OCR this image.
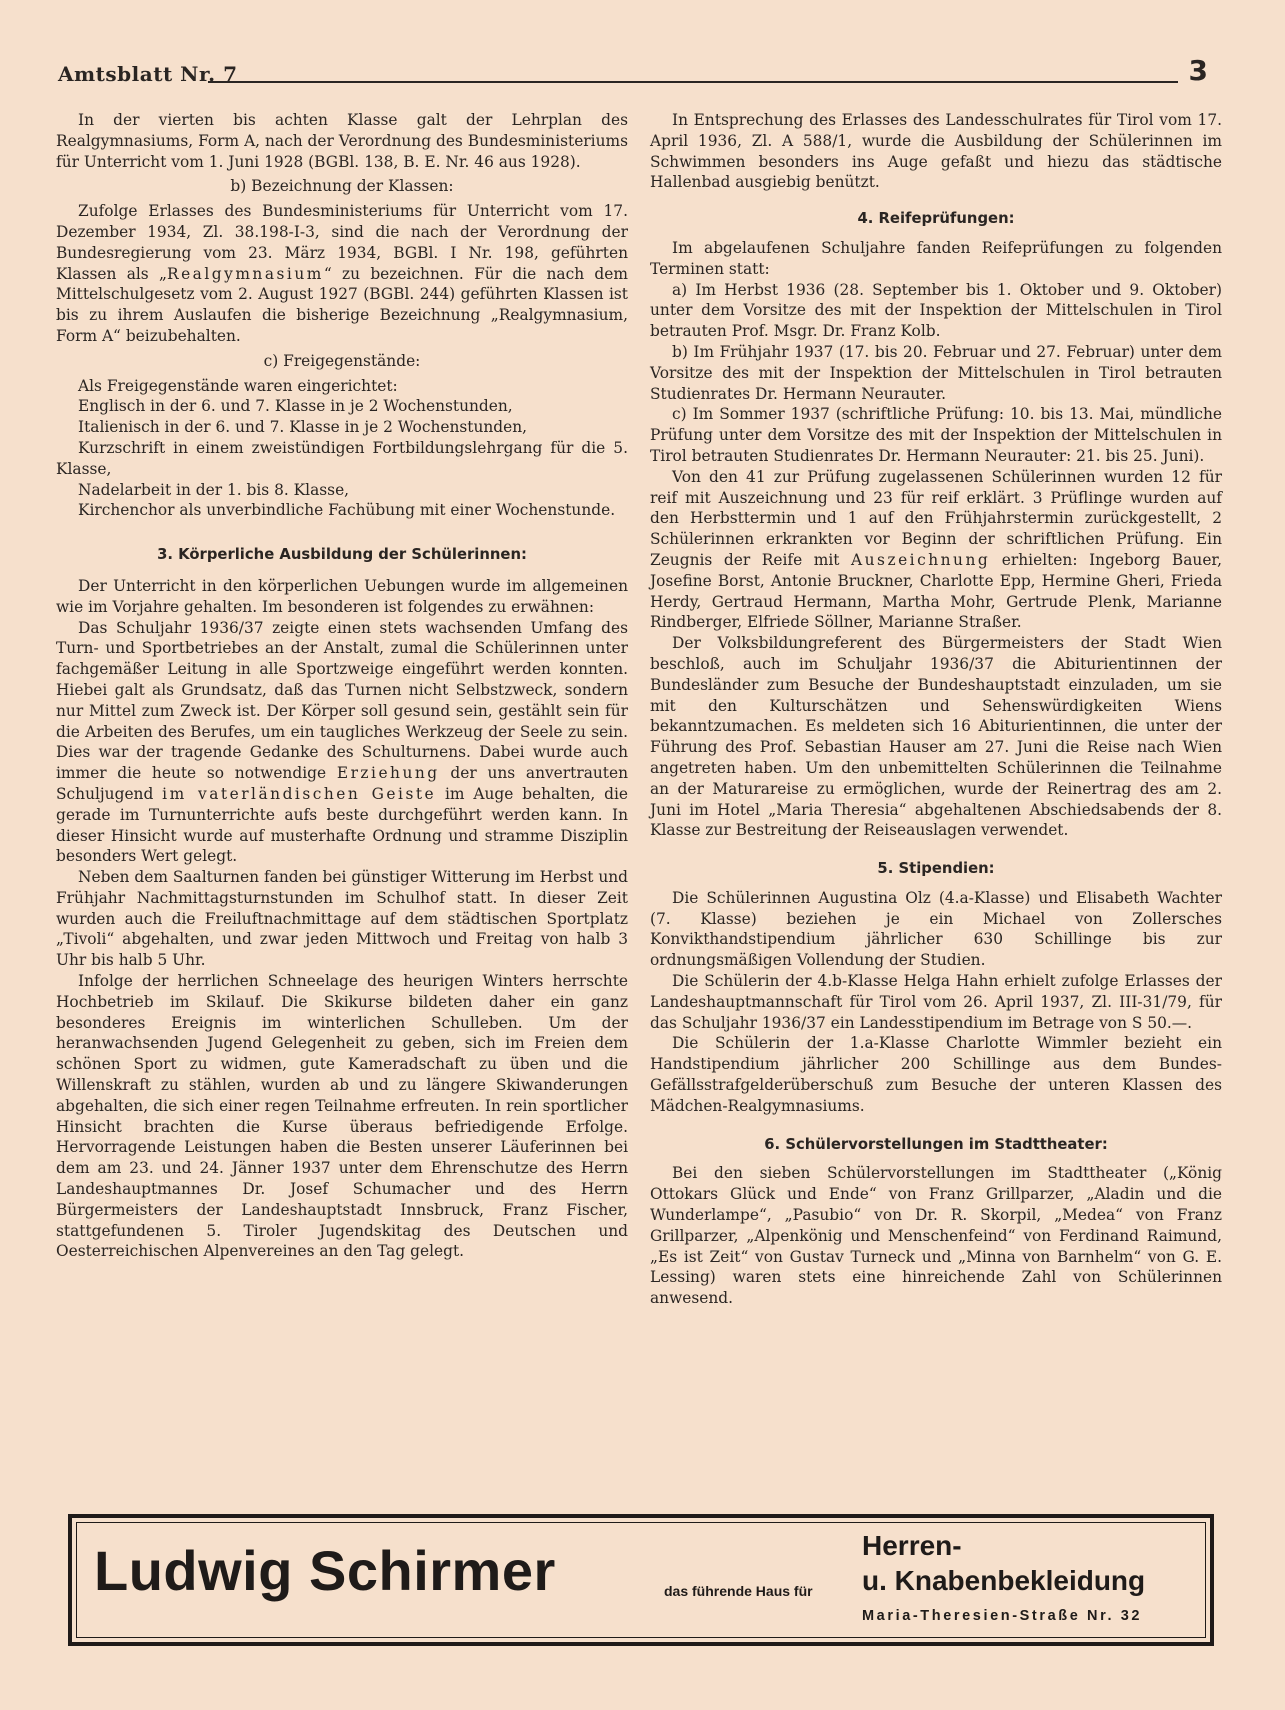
Amtsblatt Nr. 7	3

In der vierten bis achten Klasse galt der Lehrplan des Realgymnasiums, Form A, nach der Verordnung des Bundesministeriums für Unterricht vom 1. Juni 1928 (BGBl. 138, B. E. Nr. 46 aus 1928).

b) Bezeichnung der Klassen:

Zufolge Erlasses des Bundesministeriums für Unterricht vom 17. Dezember 1934, Zl. 38.198-I-3, sind die nach der Verordnung der Bundesregierung vom 23. März 1934, BGBl. I Nr. 198, geführten Klassen als „Realgymnasium“ zu bezeichnen. Für die nach dem Mittelschulgesetz vom 2. August 1927 (BGBl. 244) geführten Klassen ist bis zu ihrem Auslaufen die bisherige Bezeichnung „Realgymnasium, Form A“ beizubehalten.

c) Freigegenstände:

Als Freigegenstände waren eingerichtet:

Englisch in der 6. und 7. Klasse in je 2 Wochenstunden,

Italienisch in der 6. und 7. Klasse in je 2 Wochenstunden,

Kurzschrift in einem zweistündigen Fortbildungslehrgang für die 5. Klasse,

Nadelarbeit in der 1. bis 8. Klasse,

Kirchenchor als unverbindliche Fachübung mit einer Wochenstunde.

3. Körperliche Ausbildung der Schülerinnen:

Der Unterricht in den körperlichen Uebungen wurde im allgemeinen wie im Vorjahre gehalten. Im besonderen ist folgendes zu erwähnen:

Das Schuljahr 1936/37 zeigte einen stets wachsenden Umfang des Turn- und Sportbetriebes an der Anstalt, zumal die Schülerinnen unter fachgemäßer Leitung in alle Sportzweige eingeführt werden konnten. Hiebei galt als Grundsatz, daß das Turnen nicht Selbstzweck, sondern nur Mittel zum Zweck ist. Der Körper soll gesund sein, gestählt sein für die Arbeiten des Berufes, um ein taugliches Werkzeug der Seele zu sein. Dies war der tragende Gedanke des Schulturnens. Dabei wurde auch immer die heute so notwendige Erziehung der uns anvertrauten Schuljugend im vaterländischen Geiste im Auge behalten, die gerade im Turnunterrichte aufs beste durchgeführt werden kann. In dieser Hinsicht wurde auf musterhafte Ordnung und stramme Disziplin besonders Wert gelegt.

Neben dem Saalturnen fanden bei günstiger Witterung im Herbst und Frühjahr Nachmittagsturnstunden im Schulhof statt. In dieser Zeit wurden auch die Freiluftnachmittage auf dem städtischen Sportplatz „Tivoli“ abgehalten, und zwar jeden Mittwoch und Freitag von halb 3 Uhr bis halb 5 Uhr.

Infolge der herrlichen Schneelage des heurigen Winters herrschte Hochbetrieb im Skilauf. Die Skikurse bildeten daher ein ganz besonderes Ereignis im winterlichen Schulleben. Um der heranwachsenden Jugend Gelegenheit zu geben, sich im Freien dem schönen Sport zu widmen, gute Kameradschaft zu üben und die Willenskraft zu stählen, wurden ab und zu längere Skiwanderungen abgehalten, die sich einer regen Teilnahme erfreuten. In rein sportlicher Hinsicht brachten die Kurse überaus befriedigende Erfolge. Hervorragende Leistungen haben die Besten unserer Läuferinnen bei dem am 23. und 24. Jänner 1937 unter dem Ehrenschutze des Herrn Landeshauptmannes Dr. Josef Schumacher und des Herrn Bürgermeisters der Landeshauptstadt Innsbruck, Franz Fischer, stattgefundenen 5. Tiroler Jugendskitag des Deutschen und Oesterreichischen Alpenvereines an den Tag gelegt.

In Entsprechung des Erlasses des Landesschulrates für Tirol vom 17. April 1936, Zl. A 588/1, wurde die Ausbildung der Schülerinnen im Schwimmen besonders ins Auge gefaßt und hiezu das städtische Hallenbad ausgiebig benützt.

4. Reifeprüfungen:

Im abgelaufenen Schuljahre fanden Reifeprüfungen zu folgenden Terminen statt:

a) Im Herbst 1936 (28. September bis 1. Oktober und 9. Oktober) unter dem Vorsitze des mit der Inspektion der Mittelschulen in Tirol betrauten Prof. Msgr. Dr. Franz Kolb.

b) Im Frühjahr 1937 (17. bis 20. Februar und 27. Februar) unter dem Vorsitze des mit der Inspektion der Mittelschulen in Tirol betrauten Studienrates Dr. Hermann Neurauter.

c) Im Sommer 1937 (schriftliche Prüfung: 10. bis 13. Mai, mündliche Prüfung unter dem Vorsitze des mit der Inspektion der Mittelschulen in Tirol betrauten Studienrates Dr. Hermann Neurauter: 21. bis 25. Juni).

Von den 41 zur Prüfung zugelassenen Schülerinnen wurden 12 für reif mit Auszeichnung und 23 für reif erklärt. 3 Prüflinge wurden auf den Herbsttermin und 1 auf den Frühjahrstermin zurückgestellt, 2 Schülerinnen erkrankten vor Beginn der schriftlichen Prüfung. Ein Zeugnis der Reife mit Auszeichnung erhielten: Ingeborg Bauer, Josefine Borst, Antonie Bruckner, Charlotte Epp, Hermine Gheri, Frieda Herdy, Gertraud Hermann, Martha Mohr, Gertrude Plenk, Marianne Rindberger, Elfriede Söllner, Marianne Straßer.

Der Volksbildungreferent des Bürgermeisters der Stadt Wien beschloß, auch im Schuljahr 1936/37 die Abiturientinnen der Bundesländer zum Besuche der Bundeshauptstadt einzuladen, um sie mit den Kulturschätzen und Sehenswürdigkeiten Wiens bekanntzumachen. Es meldeten sich 16 Abiturientinnen, die unter der Führung des Prof. Sebastian Hauser am 27. Juni die Reise nach Wien angetreten haben. Um den unbemittelten Schülerinnen die Teilnahme an der Maturareise zu ermöglichen, wurde der Reinertrag des am 2. Juni im Hotel „Maria Theresia“ abgehaltenen Abschiedsabends der 8. Klasse zur Bestreitung der Reiseauslagen verwendet.

5. Stipendien:

Die Schülerinnen Augustina Olz (4.a-Klasse) und Elisabeth Wachter (7. Klasse) beziehen je ein Michael von Zollersches Konvikthandstipendium jährlicher 630 Schillinge bis zur ordnungsmäßigen Vollendung der Studien.

Die Schülerin der 4.b-Klasse Helga Hahn erhielt zufolge Erlasses der Landeshauptmannschaft für Tirol vom 26. April 1937, Zl. III-31/79, für das Schuljahr 1936/37 ein Landesstipendium im Betrage von S 50.—.

Die Schülerin der 1.a-Klasse Charlotte Wimmler bezieht ein Handstipendium jährlicher 200 Schillinge aus dem Bundes-Gefällsstrafgelderüberschuß zum Besuche der unteren Klassen des Mädchen-Realgymnasiums.

6. Schülervorstellungen im Stadttheater:

Bei den sieben Schülervorstellungen im Stadttheater („König Ottokars Glück und Ende“ von Franz Grillparzer, „Aladin und die Wunderlampe“, „Pasubio“ von Dr. R. Skorpil, „Medea“ von Franz Grillparzer, „Alpenkönig und Menschenfeind“ von Ferdinand Raimund, „Es ist Zeit“ von Gustav Turneck und „Minna von Barnhelm“ von G. E. Lessing) waren stets eine hinreichende Zahl von Schülerinnen anwesend.

Ludwig Schirmer	das führende Haus für
Herren-
u. Knabenbekleidung
Maria-Theresien-Straße Nr. 32
